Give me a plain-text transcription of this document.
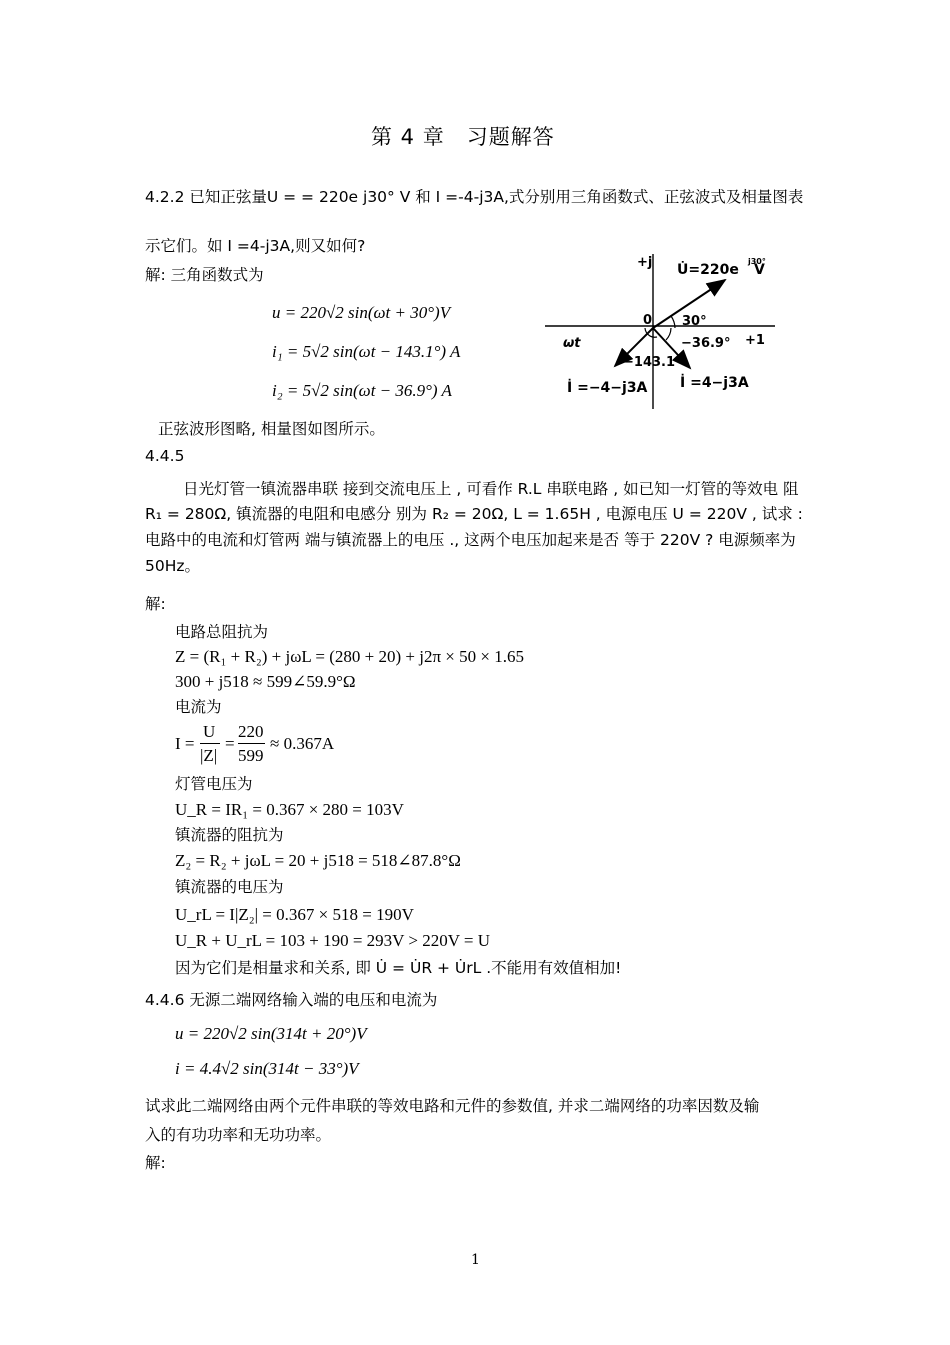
第 4 章　习题解答
4.2.2 已知正弦量U = = 220e j30° V 和 I =-4-j3A,式分别用三角函数式、正弦波式及相量图表
示它们。如 I =4-j3A,则又如何?
解: 三角函数式为
u = 220√2 sin(ωt + 30°)V
i₁ = 5√2 sin(ωt − 143.1°) A
i₂ = 5√2 sin(ωt − 36.9°) A
正弦波形图略, 相量图如图所示。
+j U̇=220e
j30°
V
0 30°
−36.9° +1
ωt
−143.1°
İ =−4−j3A İ =4−j3A
4.4.5
日光灯管一镇流器串联 接到交流电压上 , 可看作 R.L 串联电路 , 如已知一灯管的等效电 阻
R₁ = 280Ω, 镇流器的电阻和电感分 别为 R₂ = 20Ω, L = 1.65H , 电源电压 U = 220V , 试求 :
电路中的电流和灯管两 端与镇流器上的电压 ., 这两个电压加起来是否 等于 220V ? 电源频率为
50Hz。
解:
电路总阻抗为
Z = (R₁ + R₂) + jωL = (280 + 20) + j2π × 50 × 1.65
300 + j518 ≈ 599∠59.9°Ω
电流为
I =
U
|Z|
=
220
599
≈ 0.367A
灯管电压为
U_R = IR₁ = 0.367 × 280 = 103V
镇流器的阻抗为
Z₂ = R₂ + jωL = 20 + j518 = 518∠87.8°Ω
镇流器的电压为
U_rL = I|Z₂| = 0.367 × 518 = 190V
U_R + U_rL = 103 + 190 = 293V > 220V = U
因为它们是相量求和关系, 即 U̇ = U̇R + U̇rL .不能用有效值相加!
4.4.6 无源二端网络输入端的电压和电流为
u = 220√2 sin(314t + 20°)V
i = 4.4√2 sin(314t − 33°)V
试求此二端网络由两个元件串联的等效电路和元件的参数值, 并求二端网络的功率因数及输
入的有功功率和无功功率。
解:
1
